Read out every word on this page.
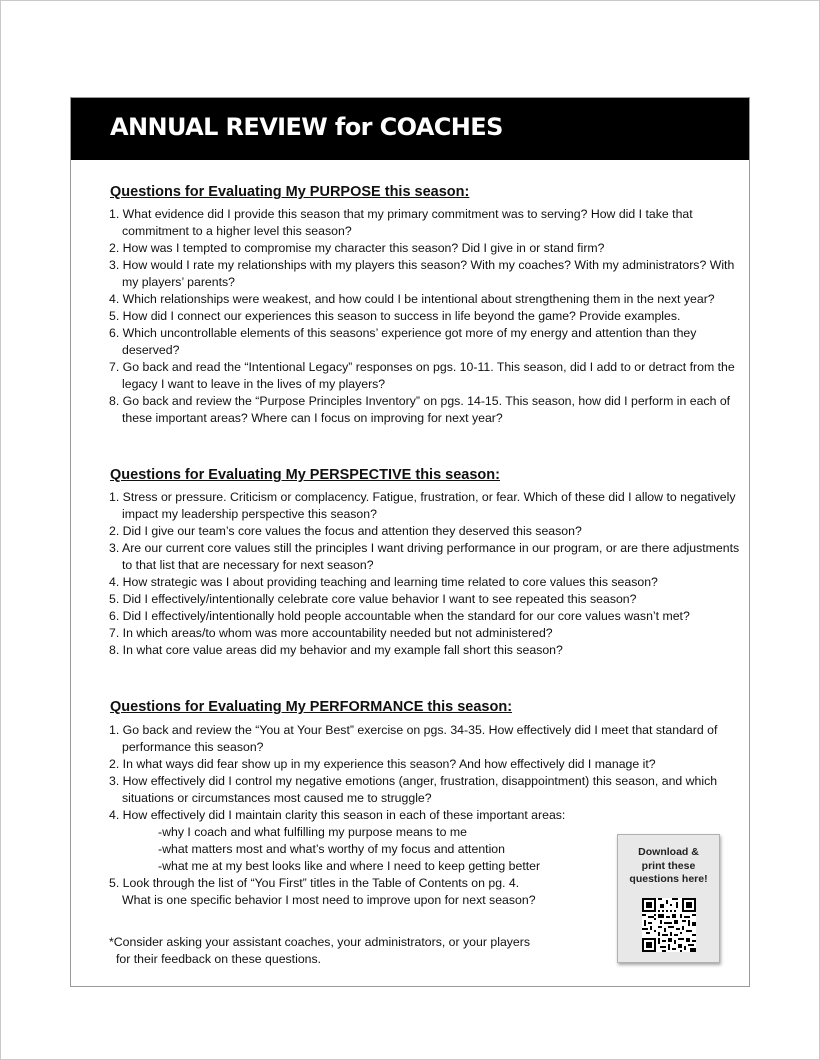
ANNUAL REVIEW for COACHES
Questions for Evaluating My PURPOSE this season:
1. What evidence did I provide this season that my primary commitment was to serving? How did I take that commitment to a higher level this season?
2. How was I tempted to compromise my character this season? Did I give in or stand firm?
3. How would I rate my relationships with my players this season? With my coaches? With my administrators? With my players’ parents?
4. Which relationships were weakest, and how could I be intentional about strengthening them in the next year?
5. How did I connect our experiences this season to success in life beyond the game? Provide examples.
6. Which uncontrollable elements of this seasons’ experience got more of my energy and attention than they deserved?
7. Go back and read the “Intentional Legacy” responses on pgs. 10-11. This season, did I add to or detract from the legacy I want to leave in the lives of my players?
8. Go back and review the “Purpose Principles Inventory” on pgs. 14-15. This season, how did I perform in each of these important areas? Where can I focus on improving for next year?
Questions for Evaluating My PERSPECTIVE this season:
1. Stress or pressure. Criticism or complacency. Fatigue, frustration, or fear. Which of these did I allow to negatively impact my leadership perspective this season?
2. Did I give our team’s core values the focus and attention they deserved this season?
3. Are our current core values still the principles I want driving performance in our program, or are there adjustments to that list that are necessary for next season?
4. How strategic was I about providing teaching and learning time related to core values this season?
5. Did I effectively/intentionally celebrate core value behavior I want to see repeated this season?
6. Did I effectively/intentionally hold people accountable when the standard for our core values wasn’t met?
7. In which areas/to whom was more accountability needed but not administered?
8. In what core value areas did my behavior and my example fall short this season?
Questions for Evaluating My PERFORMANCE this season:
1. Go back and review the “You at Your Best” exercise on pgs. 34-35. How effectively did I meet that standard of performance this season?
2. In what ways did fear show up in my experience this season? And how effectively did I manage it?
3. How effectively did I control my negative emotions (anger, frustration, disappointment) this season, and which situations or circumstances most caused me to struggle?
4. How effectively did I maintain clarity this season in each of these important areas:
-why I coach and what fulfilling my purpose means to me
-what matters most and what’s worthy of my focus and attention
-what me at my best looks like and where I need to keep getting better
5. Look through the list of “You First” titles in the Table of Contents on pg. 4.
What is one specific behavior I most need to improve upon for next season?
*Consider asking your assistant coaches, your administrators, or your players
for their feedback on these questions.
Download &
print these
questions here!
